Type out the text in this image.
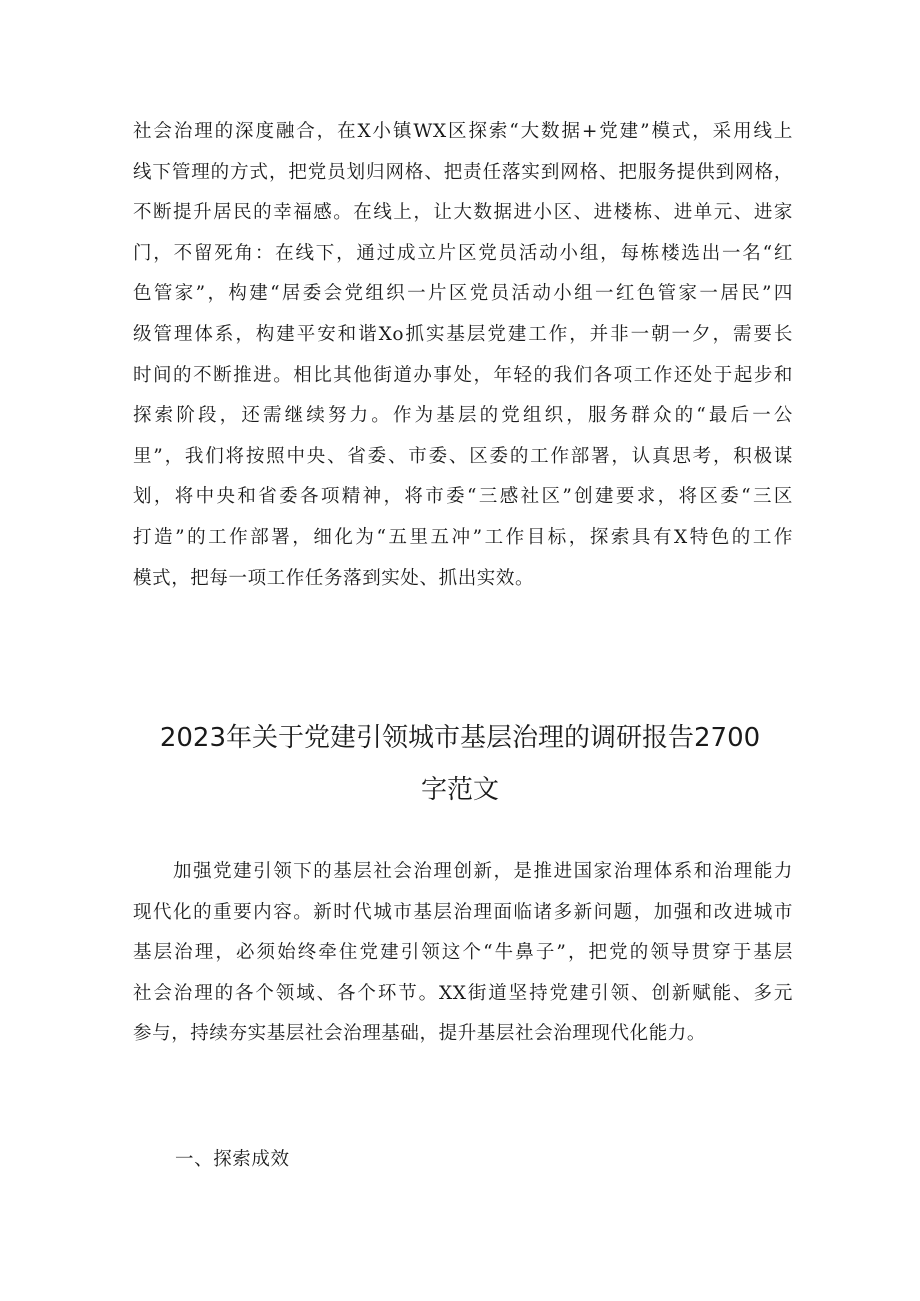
社会治理的深度融合，在X小镇WX区探索“大数据+党建”模式，采用线上
线下管理的方式，把党员划归网格、把责任落实到网格、把服务提供到网格，
不断提升居民的幸福感。在线上，让大数据进小区、进楼栋、进单元、进家
门，不留死角：在线下，通过成立片区党员活动小组，每栋楼选出一名“红
色管家”，构建“居委会党组织一片区党员活动小组一红色管家一居民”四
级管理体系，构建平安和谐Xo抓实基层党建工作，并非一朝一夕，需要长
时间的不断推进。相比其他街道办事处，年轻的我们各项工作还处于起步和
探索阶段，还需继续努力。作为基层的党组织，服务群众的“最后一公
里”，我们将按照中央、省委、市委、区委的工作部署，认真思考，积极谋
划，将中央和省委各项精神，将市委“三感社区”创建要求，将区委“三区
打造”的工作部署，细化为“五里五冲”工作目标，探索具有X特色的工作
模式，把每一项工作任务落到实处、抓出实效。
2023年关于党建引领城市基层治理的调研报告2700
字范文
　　加强党建引领下的基层社会治理创新，是推进国家治理体系和治理能力
现代化的重要内容。新时代城市基层治理面临诸多新问题，加强和改进城市
基层治理，必须始终牵住党建引领这个“牛鼻子”，把党的领导贯穿于基层
社会治理的各个领域、各个环节。XX街道坚持党建引领、创新赋能、多元
参与，持续夯实基层社会治理基础，提升基层社会治理现代化能力。
一、探索成效
